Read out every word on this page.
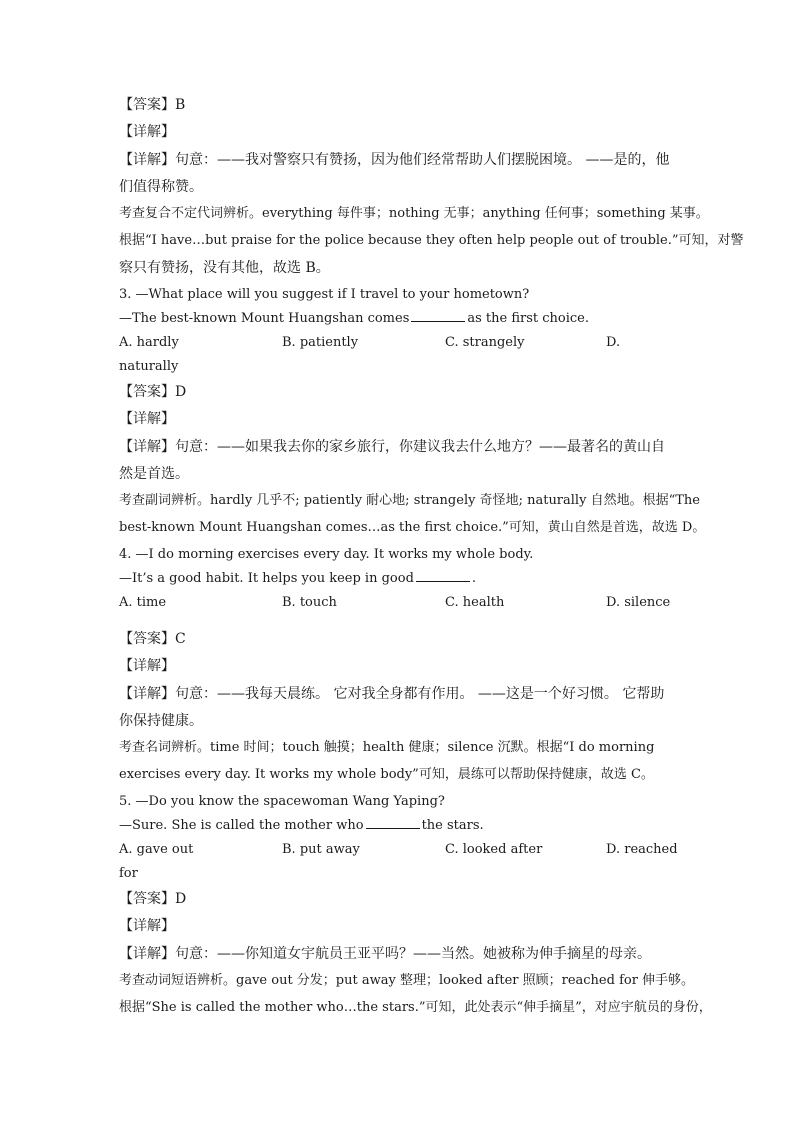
【答案】B
【详解】
【详解】句意：——我对警察只有赞扬，因为他们经常帮助人们摆脱困境。 ——是的，他
们值得称赞。
考查复合不定代词辨析。everything 每件事；nothing 无事；anything 任何事；something 某事。
根据“I have…but praise for the police because they often help people out of trouble.”可知，对警
察只有赞扬，没有其他，故选 B。
3. —What place will you suggest if I travel to your hometown?
—The best-known Mount Huangshan comes	as the first choice.
A. hardly	B. patiently	C. strangely	D.
naturally
【答案】D
【详解】
【详解】句意：——如果我去你的家乡旅行，你建议我去什么地方？——最著名的黄山自
然是首选。
考查副词辨析。hardly 几乎不; patiently 耐心地; strangely 奇怪地; naturally 自然地。根据“The
best-known Mount Huangshan comes…as the first choice.”可知，黄山自然是首选，故选 D。
4. —I do morning exercises every day. It works my whole body.
—It’s a good habit. It helps you keep in good	.
A. time	B. touch	C. health	D. silence
【答案】C
【详解】
【详解】句意：——我每天晨练。 它对我全身都有作用。 ——这是一个好习惯。 它帮助
你保持健康。
考查名词辨析。time 时间；touch 触摸；health 健康；silence 沉默。根据“I do morning
exercises every day. It works my whole body”可知，晨练可以帮助保持健康，故选 C。
5. —Do you know the spacewoman Wang Yaping?
—Sure. She is called the mother who	the stars.
A. gave out	B. put away	C. looked after	D. reached
for
【答案】D
【详解】
【详解】句意：——你知道女宇航员王亚平吗？——当然。她被称为伸手摘星的母亲。
考查动词短语辨析。gave out 分发；put away 整理；looked after 照顾；reached for 伸手够。
根据“She is called the mother who…the stars.”可知，此处表示“伸手摘星”，对应宇航员的身份，
